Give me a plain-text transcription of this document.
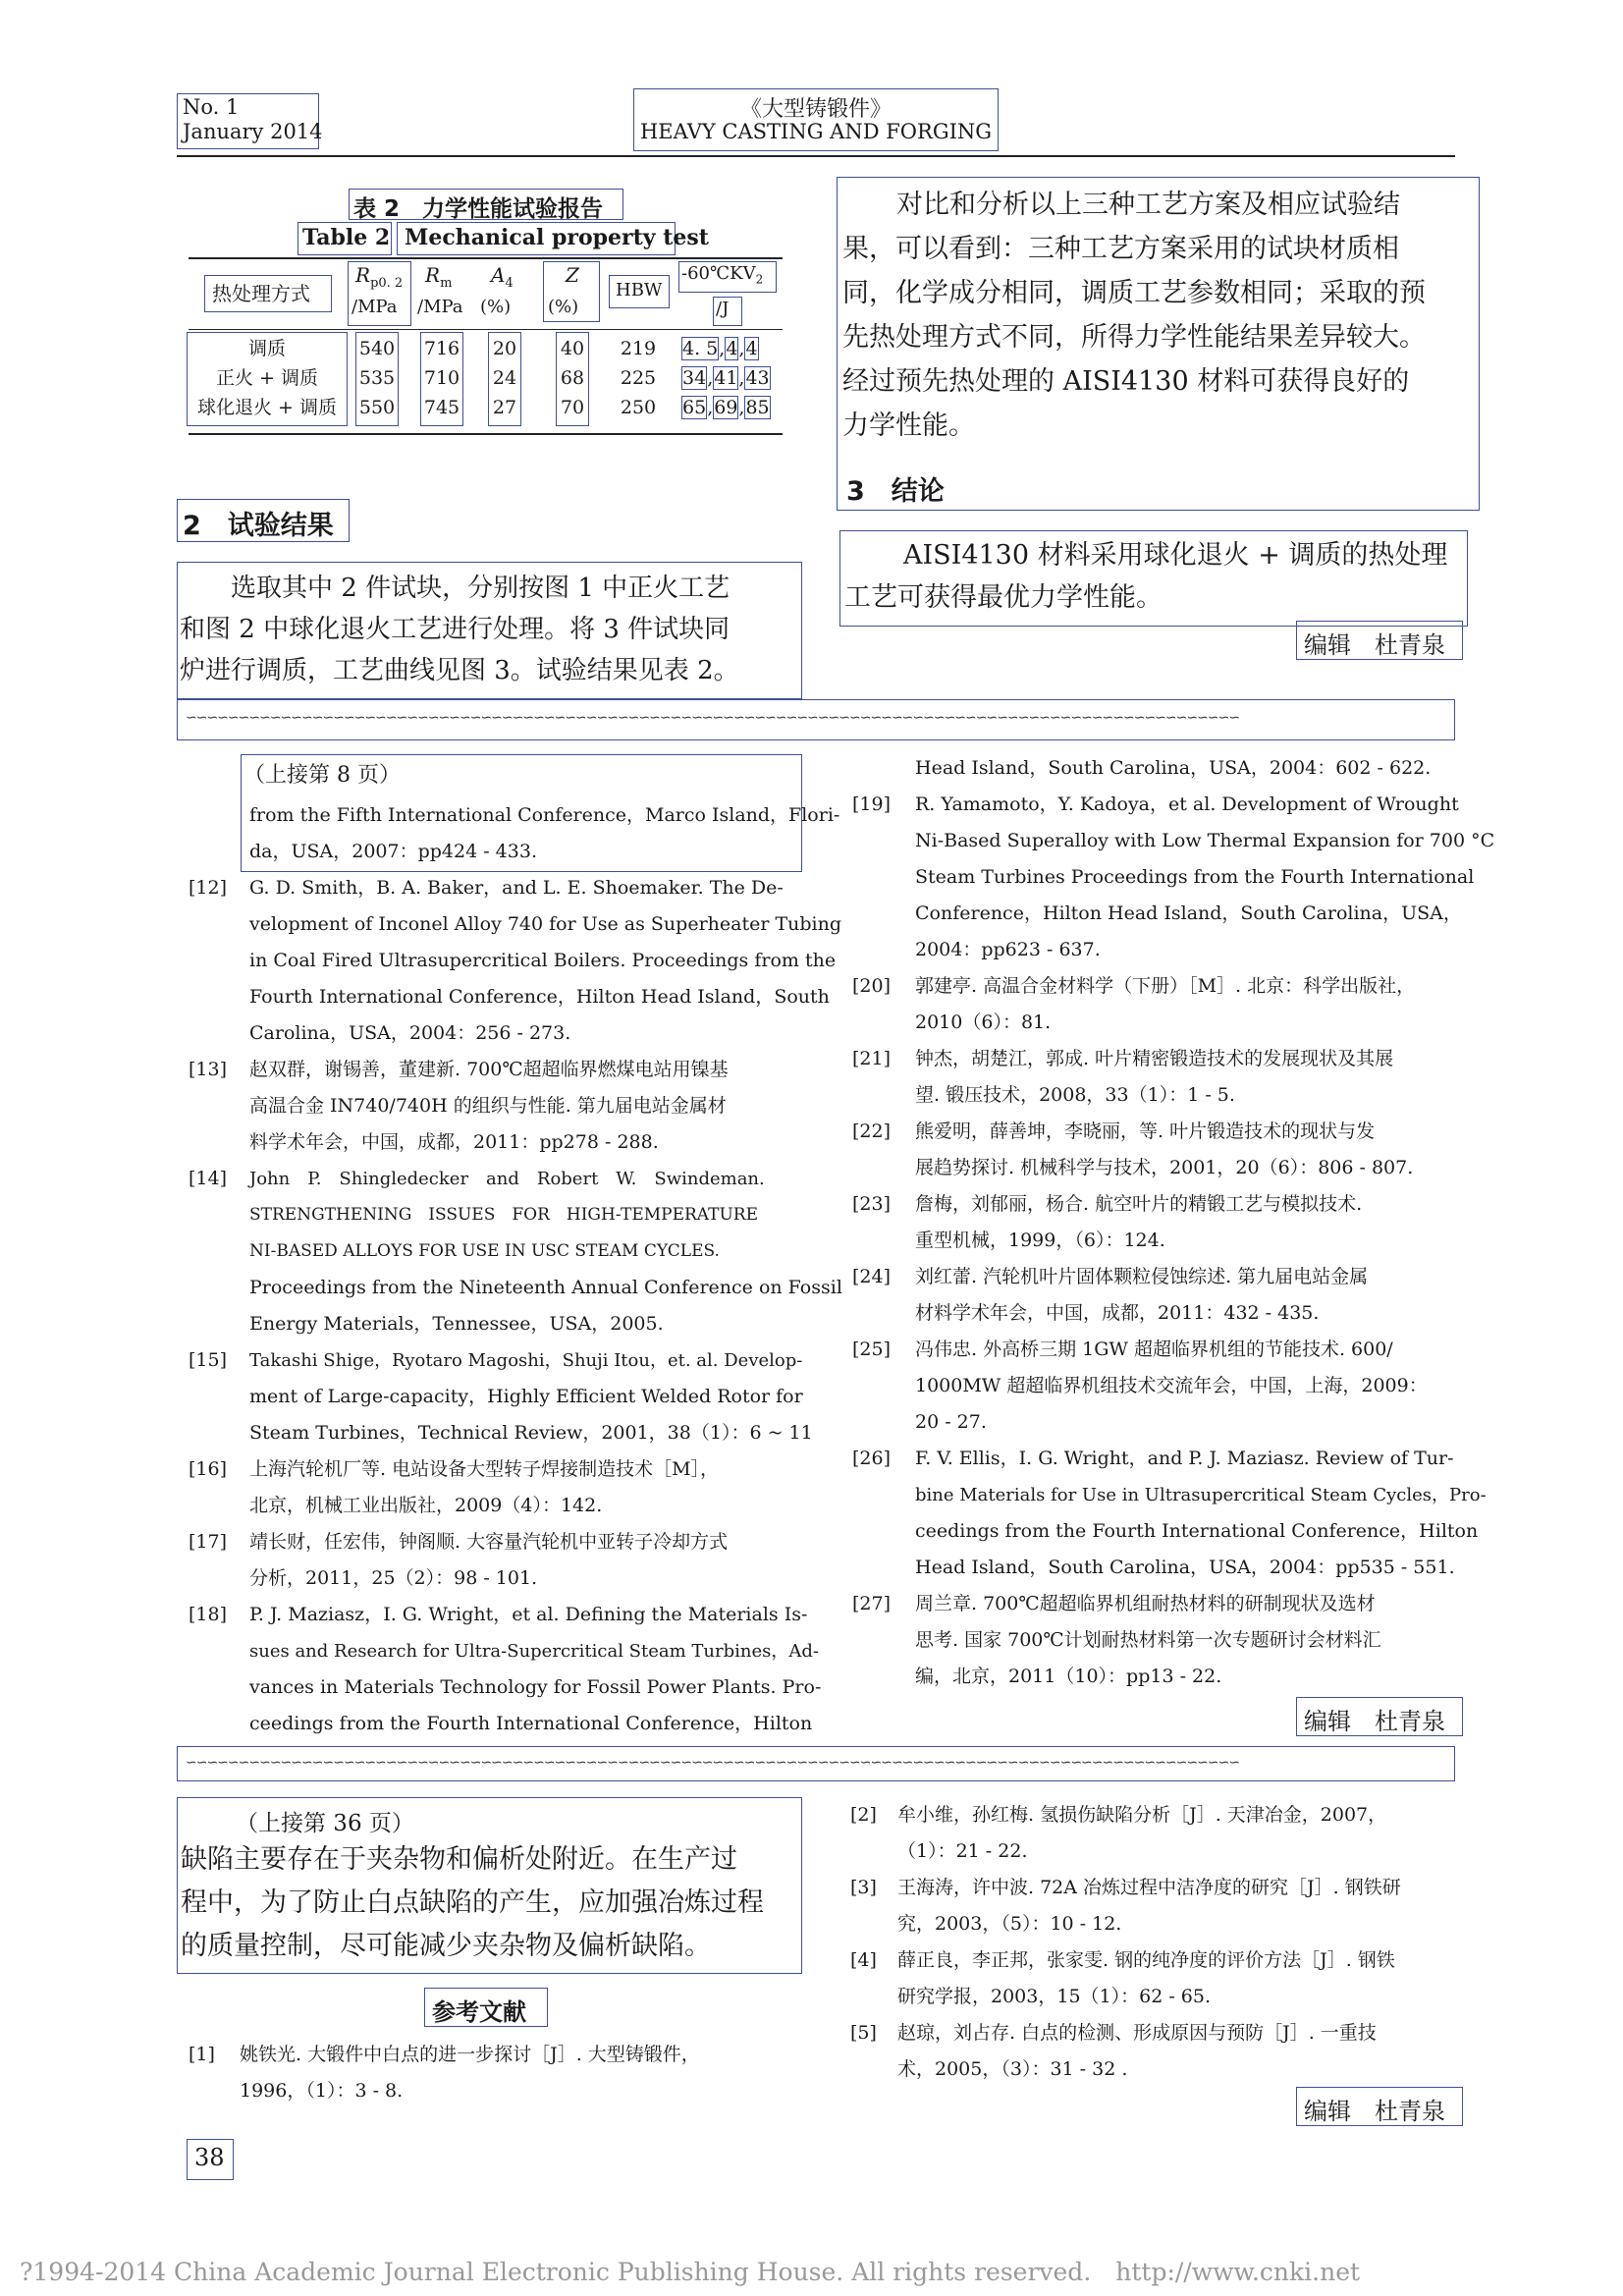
No. 1
January 2014
《大型铸锻件》
HEAVY CASTING AND FORGING
表 2　力学性能试验报告
Table 2 Mechanical property test
热处理方式
$R_{p0. 2}$
/MPa
$R_m$
/MPa
$A_4$
(%)
Z
(%)
HBW
$-60℃KV_2$
/J
调质
正火 + 调质
球化退火 + 调质
540
535
550
716
710
745
20
24
27
40
68
70
219
225
250
4. 5,4,4
34,41,43
65,69,85
2　试验结果
选取其中 2 件试块，分别按图 1 中正火工艺
和图 2 中球化退火工艺进行处理。将 3 件试块同
炉进行调质，工艺曲线见图 3。试验结果见表 2。
对比和分析以上三种工艺方案及相应试验结
果，可以看到：三种工艺方案采用的试块材质相
同，化学成分相同，调质工艺参数相同；采取的预
先热处理方式不同，所得力学性能结果差异较大。
经过预先热处理的 AISI4130 材料可获得良好的
力学性能。
3　结论
AISI4130 材料采用球化退火 + 调质的热处理
工艺可获得最优力学性能。
编辑　杜青泉
∽∽∽∽∽∽∽∽∽∽∽∽∽∽∽∽∽∽∽∽∽∽∽∽∽∽∽∽∽∽∽∽∽∽∽∽∽∽∽∽∽∽∽∽∽∽∽∽∽∽∽∽∽∽∽∽∽∽∽∽∽∽∽∽∽∽∽∽∽∽∽∽∽∽∽∽∽∽∽∽∽∽∽∽∽∽∽∽∽∽∽∽∽∽∽∽∽∽∽∽
（上接第 8 页）
from the Fifth International Conference，Marco Island，Flori-
da，USA，2007：pp424 - 433.
[12] G. D. Smith，B. A. Baker，and L. E. Shoemaker. The De-
velopment of Inconel Alloy 740 for Use as Superheater Tubing
in Coal Fired Ultrasupercritical Boilers. Proceedings from the
Fourth International Conference，Hilton Head Island，South
Carolina，USA，2004：256 - 273.
[13] 赵双群，谢锡善，董建新. 700℃超超临界燃煤电站用镍基
高温合金 IN740/740H 的组织与性能. 第九届电站金属材
料学术年会，中国，成都，2011：pp278 - 288.
[14] John　P.　Shingledecker　and　Robert　W.　Swindeman.
STRENGTHENING　ISSUES　FOR　HIGH-TEMPERATURE
NI-BASED ALLOYS FOR USE IN USC STEAM CYCLES.
Proceedings from the Nineteenth Annual Conference on Fossil
Energy Materials，Tennessee，USA，2005.
[15] Takashi Shige，Ryotaro Magoshi，Shuji Itou，et. al. Develop-
ment of Large-capacity，Highly Efficient Welded Rotor for
Steam Turbines，Technical Review，2001，38（1）：6 ~ 11
[16] 上海汽轮机厂等. 电站设备大型转子焊接制造技术［M］，
北京，机械工业出版社，2009（4）：142.
[17] 靖长财，任宏伟，钟阁顺. 大容量汽轮机中亚转子冷却方式
分析，2011，25（2）：98 - 101.
[18] P. J. Maziasz，I. G. Wright，et al. Defining the Materials Is-
sues and Research for Ultra-Supercritical Steam Turbines，Ad-
vances in Materials Technology for Fossil Power Plants. Pro-
ceedings from the Fourth International Conference，Hilton
Head Island，South Carolina，USA，2004：602 - 622.
[19] R. Yamamoto，Y. Kadoya，et al. Development of Wrought
Ni-Based Superalloy with Low Thermal Expansion for 700 °C
Steam Turbines Proceedings from the Fourth International
Conference，Hilton Head Island，South Carolina，USA，
2004：pp623 - 637.
[20] 郭建亭. 高温合金材料学（下册）［M］. 北京：科学出版社，
2010（6）：81.
[21] 钟杰，胡楚江，郭成. 叶片精密锻造技术的发展现状及其展
望. 锻压技术，2008，33（1）：1 - 5.
[22] 熊爱明，薛善坤，李晓丽，等. 叶片锻造技术的现状与发
展趋势探讨. 机械科学与技术，2001，20（6）：806 - 807.
[23] 詹梅，刘郁丽，杨合. 航空叶片的精锻工艺与模拟技术.
重型机械，1999，（6）：124.
[24] 刘红蕾. 汽轮机叶片固体颗粒侵蚀综述. 第九届电站金属
材料学术年会，中国，成都，2011：432 - 435.
[25] 冯伟忠. 外高桥三期 1GW 超超临界机组的节能技术. 600/
1000MW 超超临界机组技术交流年会，中国，上海，2009：
20 - 27.
[26] F. V. Ellis，I. G. Wright，and P. J. Maziasz. Review of Tur-
bine Materials for Use in Ultrasupercritical Steam Cycles，Pro-
ceedings from the Fourth International Conference，Hilton
Head Island，South Carolina，USA，2004：pp535 - 551.
[27] 周兰章. 700℃超超临界机组耐热材料的研制现状及选材
思考. 国家 700℃计划耐热材料第一次专题研讨会材料汇
编，北京，2011（10）：pp13 - 22.
编辑　杜青泉
∽∽∽∽∽∽∽∽∽∽∽∽∽∽∽∽∽∽∽∽∽∽∽∽∽∽∽∽∽∽∽∽∽∽∽∽∽∽∽∽∽∽∽∽∽∽∽∽∽∽∽∽∽∽∽∽∽∽∽∽∽∽∽∽∽∽∽∽∽∽∽∽∽∽∽∽∽∽∽∽∽∽∽∽∽∽∽∽∽∽∽∽∽∽∽∽∽∽∽∽
（上接第 36 页）
缺陷主要存在于夹杂物和偏析处附近。在生产过
程中，为了防止白点缺陷的产生，应加强冶炼过程
的质量控制，尽可能减少夹杂物及偏析缺陷。
参考文献
[1] 姚铁光. 大锻件中白点的进一步探讨［J］. 大型铸锻件，
1996，（1）：3 - 8.
[2] 牟小维，孙红梅. 氢损伤缺陷分析［J］. 天津冶金，2007，
（1）：21 - 22.
[3] 王海涛，许中波. 72A 冶炼过程中洁净度的研究［J］. 钢铁研
究，2003，（5）：10 - 12.
[4] 薛正良，李正邦，张家雯. 钢的纯净度的评价方法［J］. 钢铁
研究学报，2003，15（1）：62 - 65.
[5] 赵琼，刘占存. 白点的检测、形成原因与预防［J］. 一重技
术，2005，（3）：31 - 32 .
编辑　杜青泉
38
?1994-2014 China Academic Journal Electronic Publishing House. All rights reserved.　http://www.cnki.net
